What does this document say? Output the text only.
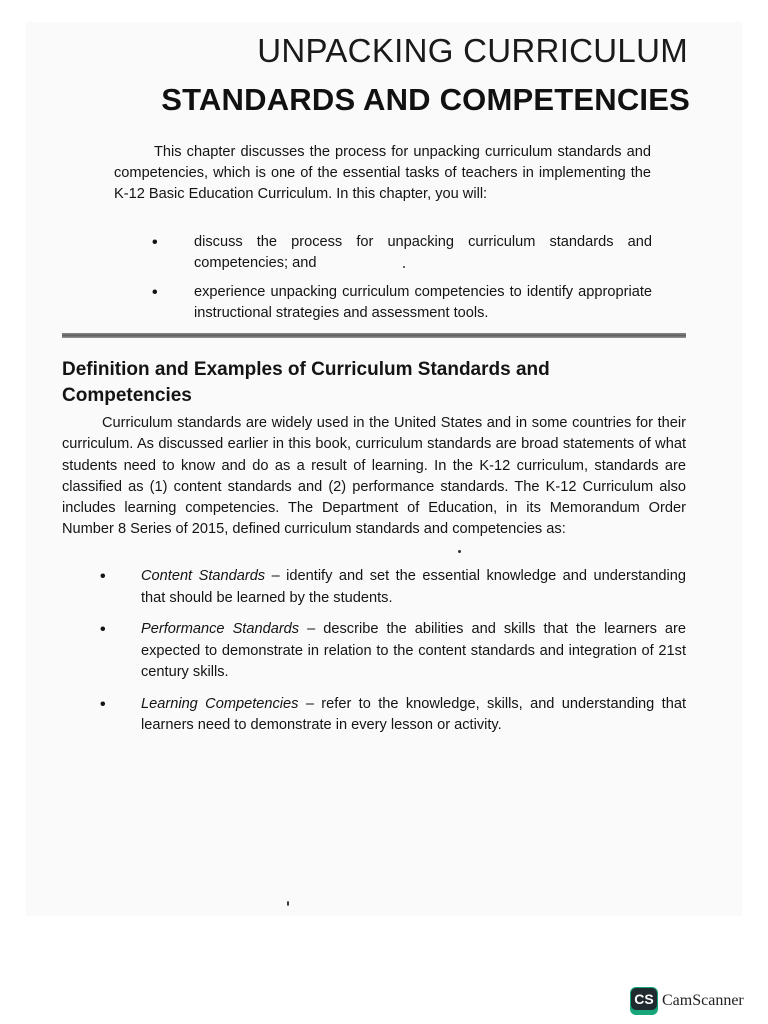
UNPACKING CURRICULUM
STANDARDS AND COMPETENCIES

This chapter discusses the process for unpacking curriculum standards and competencies, which is one of the essential tasks of teachers in implementing the K-12 Basic Education Curriculum. In this chapter, you will:

• discuss the process for unpacking curriculum standards and competencies; and
• experience unpacking curriculum competencies to identify appropriate instructional strategies and assessment tools.
Definition and Examples of Curriculum Standards and Competencies

Curriculum standards are widely used in the United States and in some countries for their curriculum. As discussed earlier in this book, curriculum standards are broad statements of what students need to know and do as a result of learning. In the K-12 curriculum, standards are classified as (1) content standards and (2) performance standards. The K-12 Curriculum also includes learning competencies. The Department of Education, in its Memorandum Order Number 8 Series of 2015, defined curriculum standards and competencies as:

• Content Standards – identify and set the essential knowledge and understanding that should be learned by the students.
• Performance Standards – describe the abilities and skills that the learners are expected to demonstrate in relation to the content standards and integration of 21st century skills.
• Learning Competencies – refer to the knowledge, skills, and understanding that learners need to demonstrate in every lesson or activity.
CS CamScanner
